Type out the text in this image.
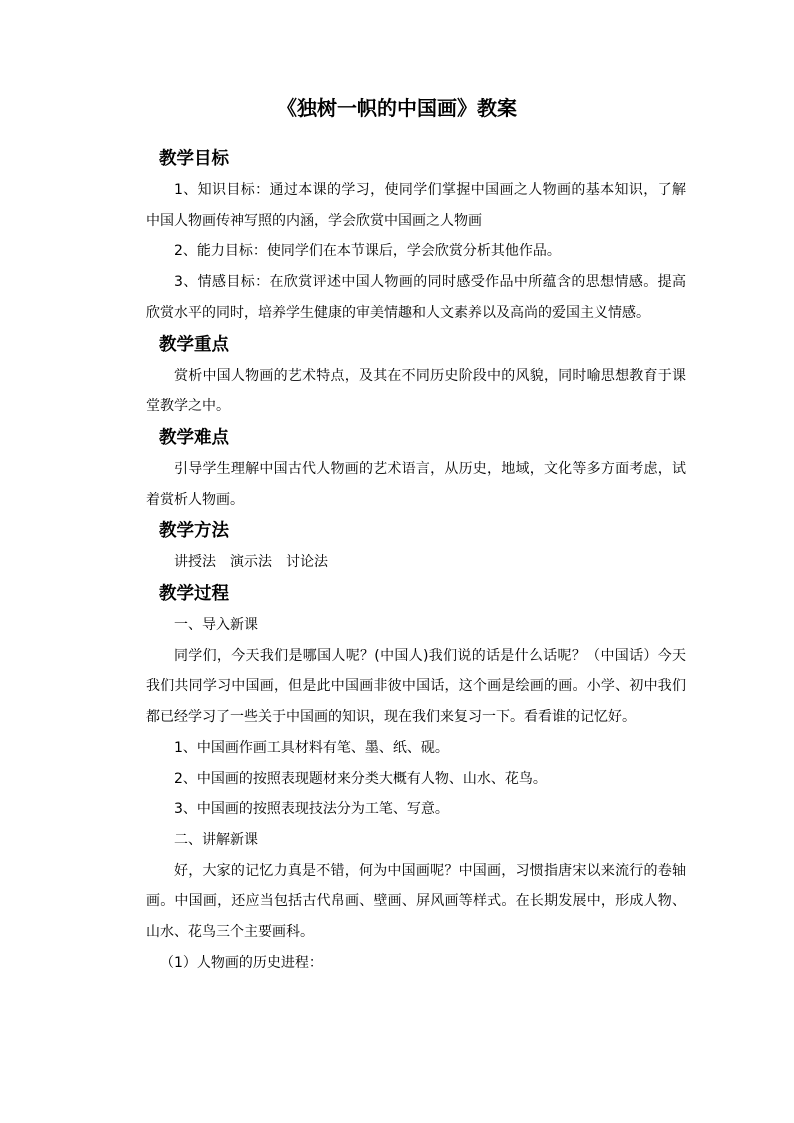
《独树一帜的中国画》教案
教学目标

1、知识目标：通过本课的学习，使同学们掌握中国画之人物画的基本知识，了解中国人物画传神写照的内涵，学会欣赏中国画之人物画

2、能力目标：使同学们在本节课后，学会欣赏分析其他作品。

3、情感目标：在欣赏评述中国人物画的同时感受作品中所蕴含的思想情感。提高欣赏水平的同时，培养学生健康的审美情趣和人文素养以及高尚的爱国主义情感。

教学重点

赏析中国人物画的艺术特点，及其在不同历史阶段中的风貌，同时喻思想教育于课堂教学之中。

教学难点

引导学生理解中国古代人物画的艺术语言，从历史，地域，文化等多方面考虑，试着赏析人物画。

教学方法

讲授法　演示法　讨论法

教学过程

一、导入新课

同学们，今天我们是哪国人呢？(中国人)我们说的话是什么话呢？（中国话）今天我们共同学习中国画，但是此中国画非彼中国话，这个画是绘画的画。小学、初中我们都已经学习了一些关于中国画的知识，现在我们来复习一下。看看谁的记忆好。

1、中国画作画工具材料有笔、墨、纸、砚。

2、中国画的按照表现题材来分类大概有人物、山水、花鸟。

3、中国画的按照表现技法分为工笔、写意。

二、讲解新课

好，大家的记忆力真是不错，何为中国画呢？中国画，习惯指唐宋以来流行的卷轴画。中国画，还应当包括古代帛画、壁画、屏风画等样式。在长期发展中，形成人物、山水、花鸟三个主要画科。

（1）人物画的历史进程：
